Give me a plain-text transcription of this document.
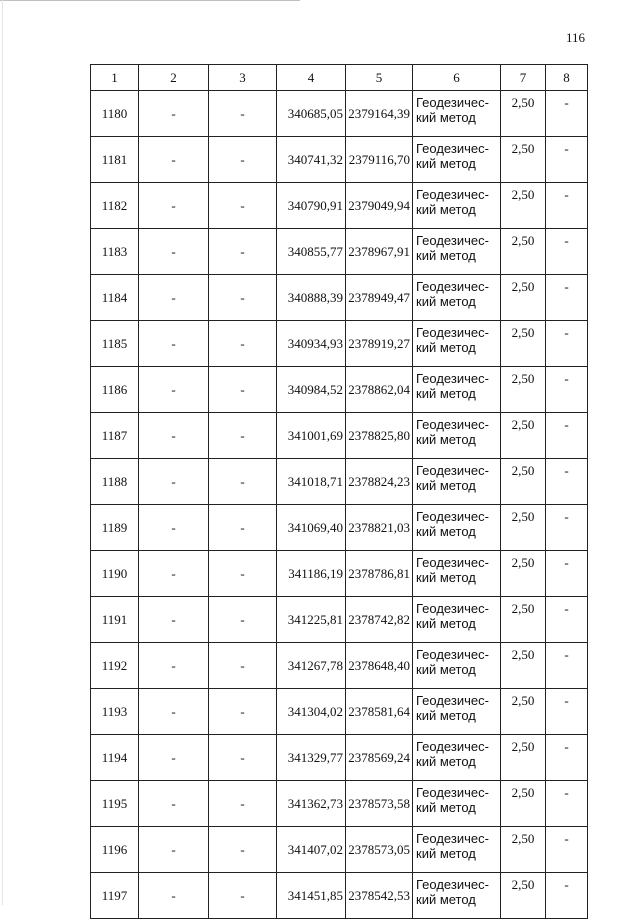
116
1	2	3	4	5	6	7	8
1180	-	-	340685,05	2379164,39	Геодезичес-
кий метод	2,50	-
1181	-	-	340741,32	2379116,70	Геодезичес-
кий метод	2,50	-
1182	-	-	340790,91	2379049,94	Геодезичес-
кий метод	2,50	-
1183	-	-	340855,77	2378967,91	Геодезичес-
кий метод	2,50	-
1184	-	-	340888,39	2378949,47	Геодезичес-
кий метод	2,50	-
1185	-	-	340934,93	2378919,27	Геодезичес-
кий метод	2,50	-
1186	-	-	340984,52	2378862,04	Геодезичес-
кий метод	2,50	-
1187	-	-	341001,69	2378825,80	Геодезичес-
кий метод	2,50	-
1188	-	-	341018,71	2378824,23	Геодезичес-
кий метод	2,50	-
1189	-	-	341069,40	2378821,03	Геодезичес-
кий метод	2,50	-
1190	-	-	341186,19	2378786,81	Геодезичес-
кий метод	2,50	-
1191	-	-	341225,81	2378742,82	Геодезичес-
кий метод	2,50	-
1192	-	-	341267,78	2378648,40	Геодезичес-
кий метод	2,50	-
1193	-	-	341304,02	2378581,64	Геодезичес-
кий метод	2,50	-
1194	-	-	341329,77	2378569,24	Геодезичес-
кий метод	2,50	-
1195	-	-	341362,73	2378573,58	Геодезичес-
кий метод	2,50	-
1196	-	-	341407,02	2378573,05	Геодезичес-
кий метод	2,50	-
1197	-	-	341451,85	2378542,53	Геодезичес-
кий метод	2,50	-
